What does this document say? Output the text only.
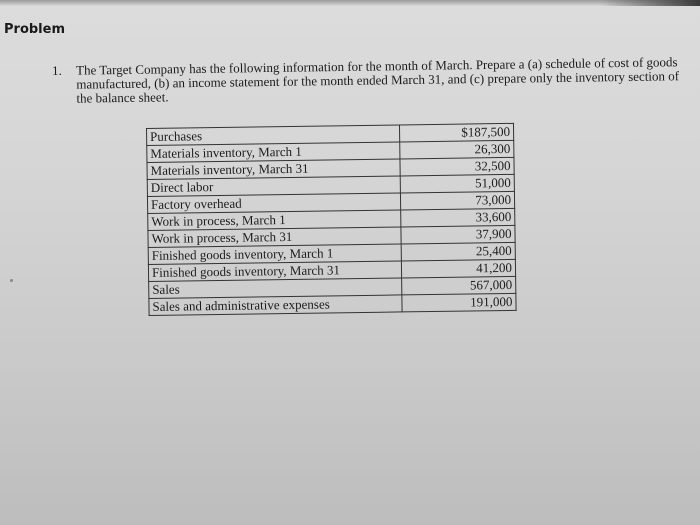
Problem
1. The Target Company has the following information for the month of March. Prepare a (a) schedule of cost of goods manufactured, (b) an income statement for the month ended March 31, and (c) prepare only the inventory section of the balance sheet.
Purchases	$187,500
Materials inventory, March 1	26,300
Materials inventory, March 31	32,500
Direct labor	51,000
Factory overhead	73,000
Work in process, March 1	33,600
Work in process, March 31	37,900
Finished goods inventory, March 1	25,400
Finished goods inventory, March 31	41,200
Sales	567,000
Sales and administrative expenses	191,000
